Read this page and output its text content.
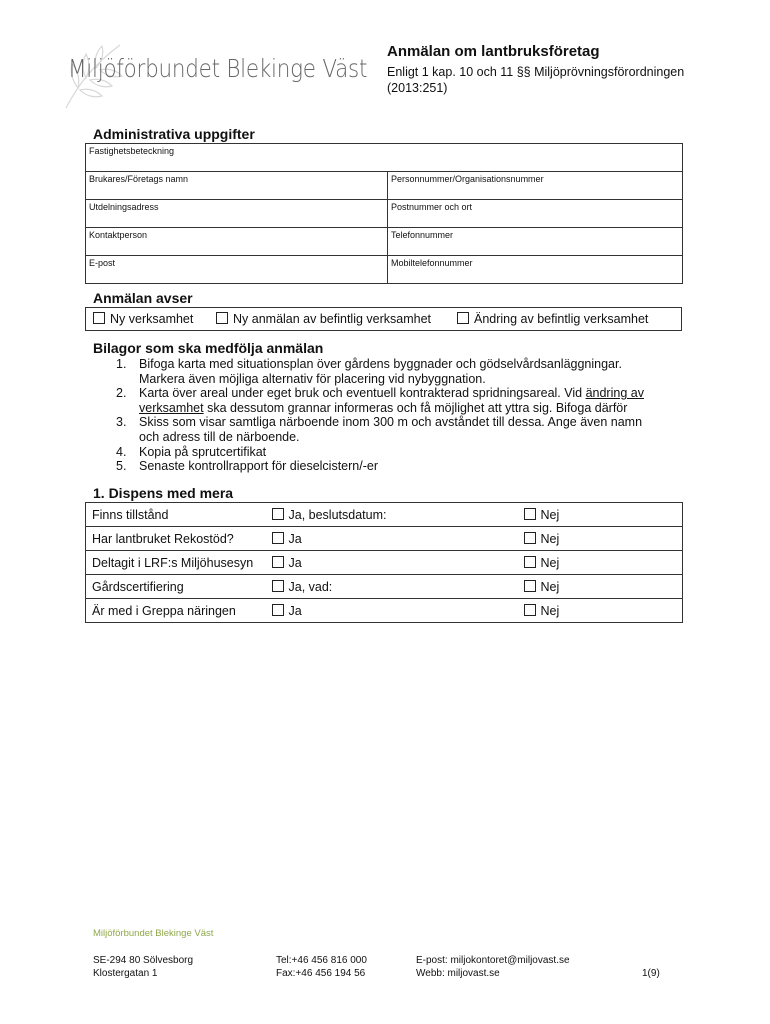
Miljöförbundet Blekinge Väst
Anmälan om lantbruksföretag
Enligt 1 kap. 10 och 11 §§ Miljöprövningsförordningen (2013:251)
Administrativa uppgifter
Fastighetsbeteckning	
Brukares/Företags namn	Personnummer/Organisationsnummer
Utdelningsadress	Postnummer och ort
Kontaktperson	Telefonnummer
E-post	Mobiltelefonnummer
Anmälan avser
Ny verksamhet	Ny anmälan av befintlig verksamhet	Ändring av befintlig verksamhet
Bilagor som ska medfölja anmälan
1. Bifoga karta med situationsplan över gårdens byggnader och gödselvårdsanläggningar.
Markera även möjliga alternativ för placering vid nybyggnation.
2. Karta över areal under eget bruk och eventuell kontrakterad spridningsareal. Vid ändring av
verksamhet ska dessutom grannar informeras och få möjlighet att yttra sig. Bifoga därför
3. Skiss som visar samtliga närboende inom 300 m och avståndet till dessa. Ange även namn
och adress till de närboende.
4. Kopia på sprutcertifikat
5. Senaste kontrollrapport för dieselcistern/-er
1. Dispens med mera
Finns tillstånd	Ja, beslutsdatum:	Nej
Har lantbruket Rekostöd?	Ja	Nej
Deltagit i LRF:s Miljöhusesyn	Ja	Nej
Gårdscertifiering	Ja, vad:	Nej
Är med i Greppa näringen	Ja	Nej
Miljöförbundet Blekinge Väst
SE-294 80 Sölvesborg
Klostergatan 1
Tel:+46 456 816 000
Fax:+46 456 194 56
E-post: miljokontoret@miljovast.se
Webb: miljovast.se	1(9)
